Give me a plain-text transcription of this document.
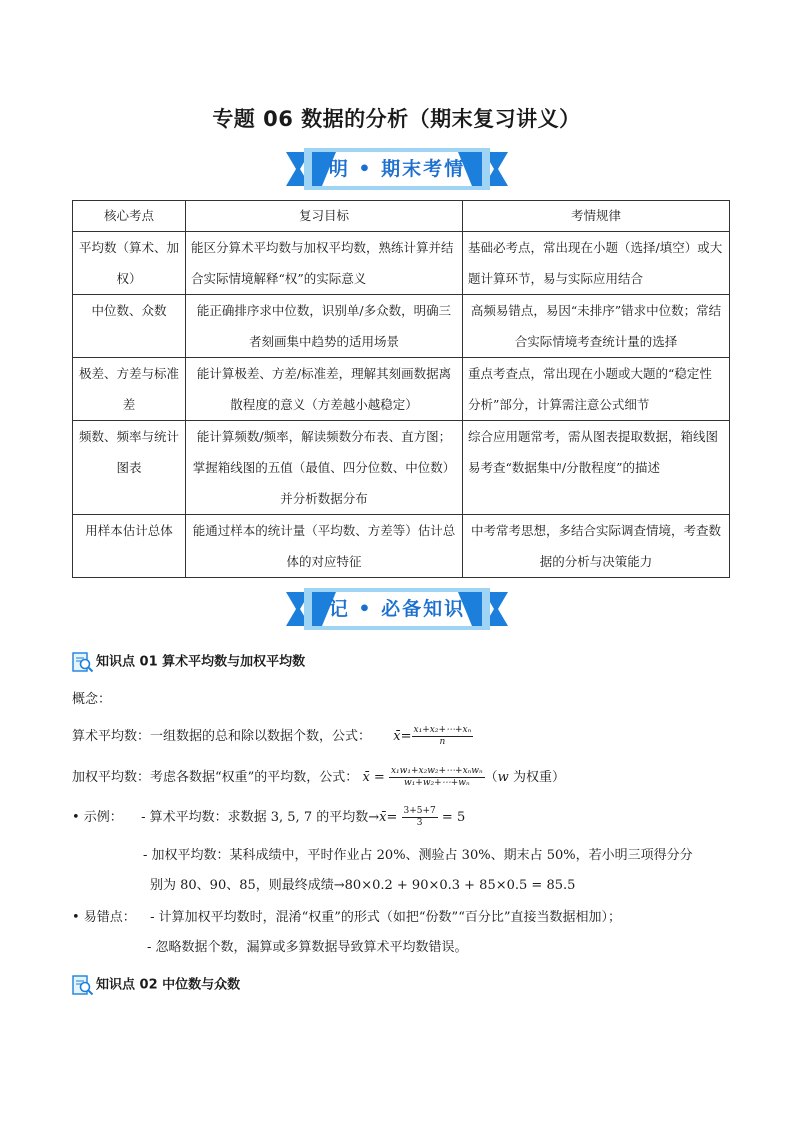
专题 06 数据的分析（期末复习讲义）
明 • 期末考情
核心考点	复习目标	考情规律
平均数（算术、加权）	能区分算术平均数与加权平均数，熟练计算并结合实际情境解释“权”的实际意义	基础必考点，常出现在小题（选择/填空）或大题计算环节，易与实际应用结合
中位数、众数	能正确排序求中位数，识别单/多众数，明确三者刻画集中趋势的适用场景	高频易错点，易因“未排序”错求中位数；常结合实际情境考查统计量的选择
极差、方差与标准差	能计算极差、方差/标准差，理解其刻画数据离散程度的意义（方差越小越稳定）	重点考查点，常出现在小题或大题的“稳定性分析”部分，计算需注意公式细节
频数、频率与统计图表	能计算频数/频率，解读频数分布表、直方图；掌握箱线图的五值（最值、四分位数、中位数）并分析数据分布	综合应用题常考，需从图表提取数据，箱线图易考查“数据集中/分散程度”的描述
用样本估计总体	能通过样本的统计量（平均数、方差等）估计总体的对应特征	中考常考思想，多结合实际调查情境，考查数据的分析与决策能力
记 • 必备知识
知识点 01 算术平均数与加权平均数
概念：
算术平均数：一组数据的总和除以数据个数，公式： x̄= $\frac{\text{x₁+x₂+⋯+xₙ}}{n}$
加权平均数：考虑各数据“权重”的平均数，公式： x̄ = $\frac{\text{x₁w₁+x₂w₂+⋯+xₙwₙ}}{\text{w₁+w₂+⋯+wₙ}} (w$ 为权重）
• 示例： - 算术平均数：求数据 3, 5, 7 的平均数→x̄= $\frac{3+5+7}{3} = 5$
- 加权平均数：某科成绩中，平时作业占 20%、测验占 30%、期末占 50%，若小明三项得分分
别为 80、90、85，则最终成绩→80×0.2 + 90×0.3 + 85×0.5 = 85.5
• 易错点： - 计算加权平均数时，混淆“权重”的形式（如把“份数”“百分比”直接当数据相加）；
- 忽略数据个数，漏算或多算数据导致算术平均数错误。
知识点 02 中位数与众数
